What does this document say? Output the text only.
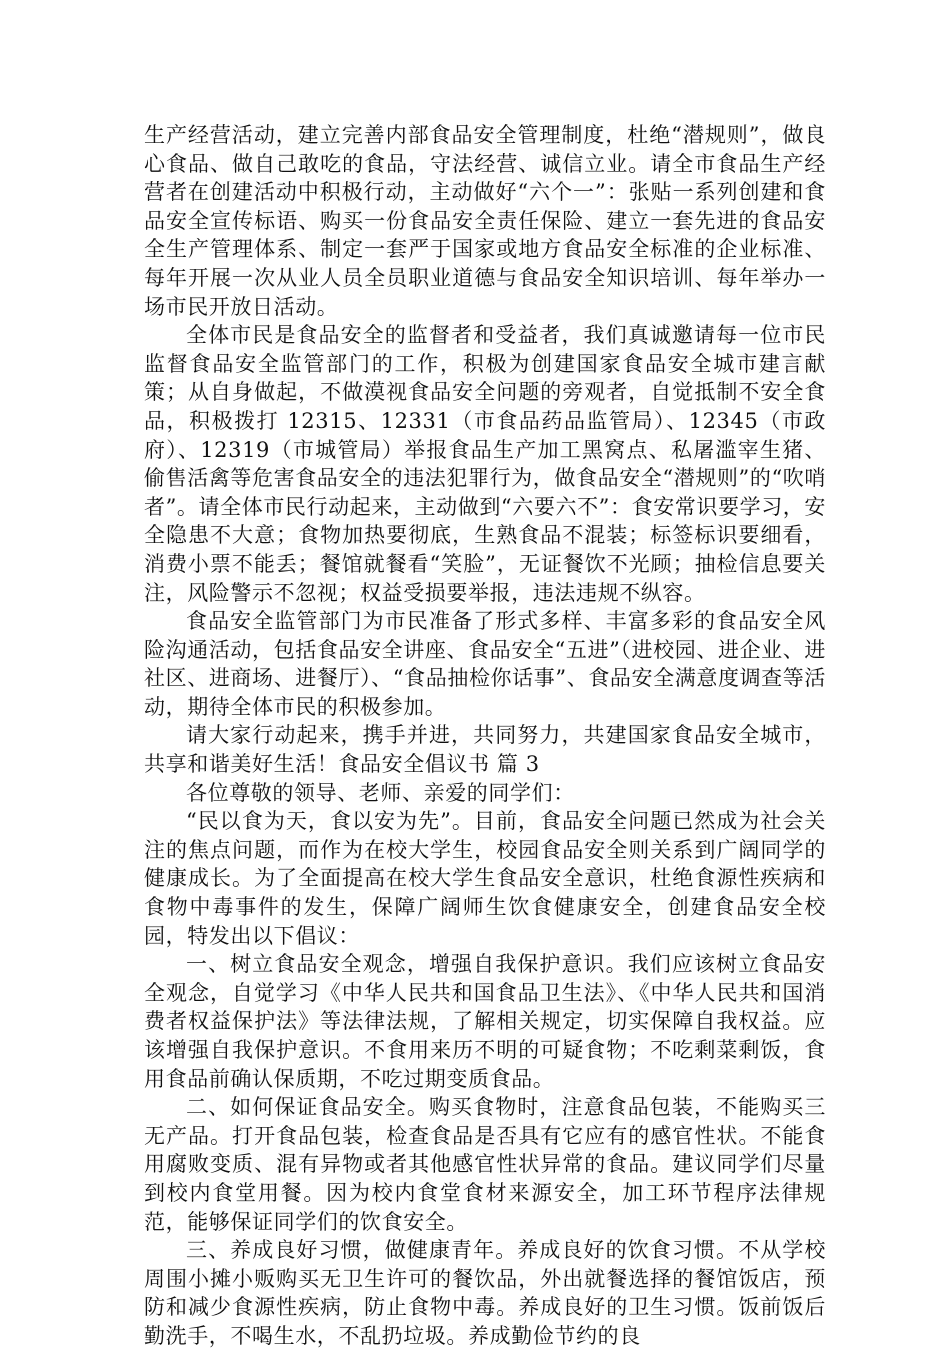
生产经营活动，建立完善内部食品安全管理制度，杜绝“潜规则”，做良心食品、做自己敢吃的食品，守法经营、诚信立业。请全市食品生产经营者在创建活动中积极行动，主动做好“六个一”：张贴一系列创建和食品安全宣传标语、购买一份食品安全责任保险、建立一套先进的食品安全生产管理体系、制定一套严于国家或地方食品安全标准的企业标准、每年开展一次从业人员全员职业道德与食品安全知识培训、每年举办一场市民开放日活动。

全体市民是食品安全的监督者和受益者，我们真诚邀请每一位市民监督食品安全监管部门的工作，积极为创建国家食品安全城市建言献策；从自身做起，不做漠视食品安全问题的旁观者，自觉抵制不安全食品，积极拨打 12315、12331（市食品药品监管局）、12345（市政府）、12319（市城管局）举报食品生产加工黑窝点、私屠滥宰生猪、偷售活禽等危害食品安全的违法犯罪行为，做食品安全“潜规则”的“吹哨者”。请全体市民行动起来，主动做到“六要六不”：食安常识要学习，安全隐患不大意；食物加热要彻底，生熟食品不混装；标签标识要细看，消费小票不能丢；餐馆就餐看“笑脸”，无证餐饮不光顾；抽检信息要关注，风险警示不忽视；权益受损要举报，违法违规不纵容。

食品安全监管部门为市民准备了形式多样、丰富多彩的食品安全风险沟通活动，包括食品安全讲座、食品安全“五进”（进校园、进企业、进社区、进商场、进餐厅）、“食品抽检你话事”、食品安全满意度调查等活动，期待全体市民的积极参加。

请大家行动起来，携手并进，共同努力，共建国家食品安全城市，共享和谐美好生活！食品安全倡议书 篇 3

各位尊敬的领导、老师、亲爱的同学们：

“民以食为天，食以安为先”。目前，食品安全问题已然成为社会关注的焦点问题，而作为在校大学生，校园食品安全则关系到广阔同学的健康成长。为了全面提高在校大学生食品安全意识，杜绝食源性疾病和食物中毒事件的发生，保障广阔师生饮食健康安全，创建食品安全校园，特发出以下倡议：

一、树立食品安全观念，增强自我保护意识。我们应该树立食品安全观念，自觉学习《中华人民共和国食品卫生法》、《中华人民共和国消费者权益保护法》等法律法规，了解相关规定，切实保障自我权益。应该增强自我保护意识。不食用来历不明的可疑食物；不吃剩菜剩饭，食用食品前确认保质期，不吃过期变质食品。

二、如何保证食品安全。购买食物时，注意食品包装，不能购买三无产品。打开食品包装，检查食品是否具有它应有的感官性状。不能食用腐败变质、混有异物或者其他感官性状异常的食品。建议同学们尽量到校内食堂用餐。因为校内食堂食材来源安全，加工环节程序法律规范，能够保证同学们的饮食安全。

三、养成良好习惯，做健康青年。养成良好的饮食习惯。不从学校周围小摊小贩购买无卫生许可的餐饮品，外出就餐选择的餐馆饭店，预防和减少食源性疾病，防止食物中毒。养成良好的卫生习惯。饭前饭后勤洗手，不喝生水，不乱扔垃圾。养成勤俭节约的良
